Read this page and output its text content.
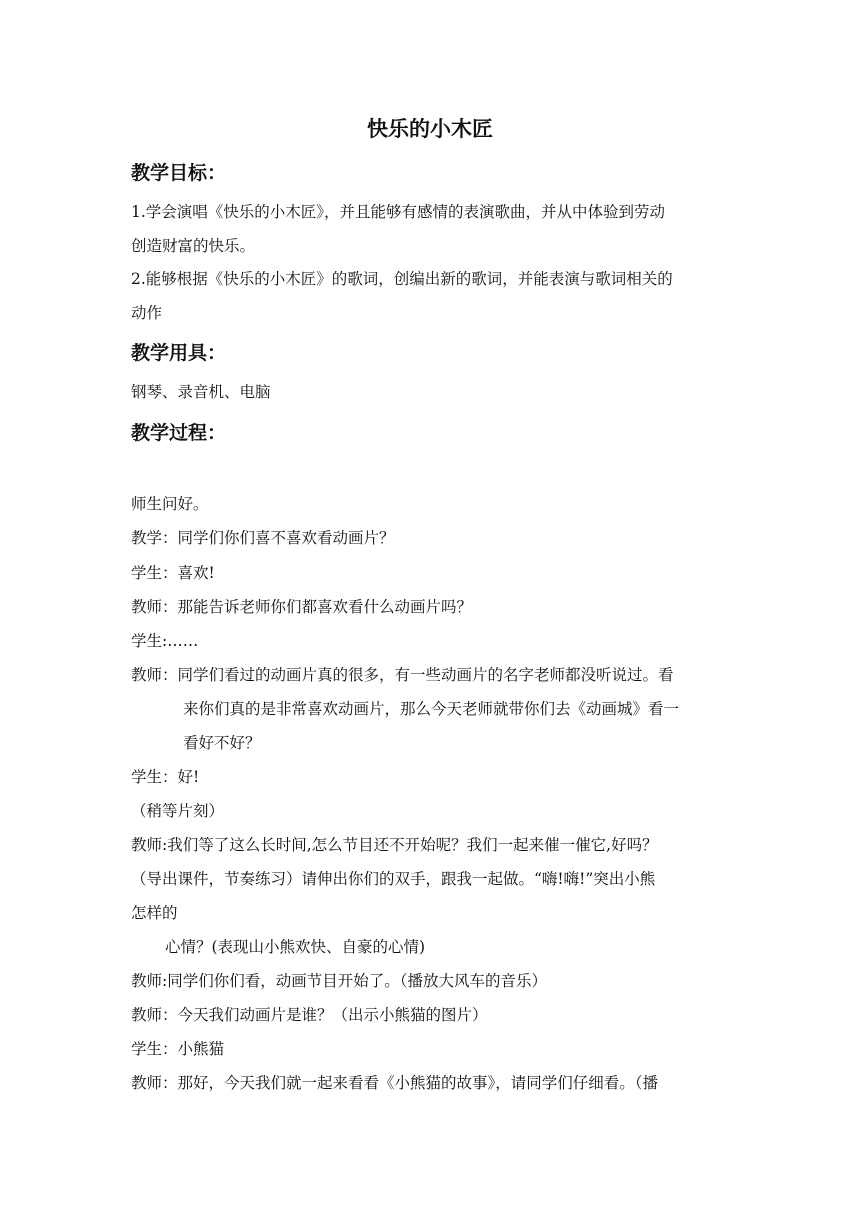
快乐的小木匠
教学目标：
1.学会演唱《快乐的小木匠》，并且能够有感情的表演歌曲，并从中体验到劳动
创造财富的快乐。
2.能够根据《快乐的小木匠》的歌词，创编出新的歌词，并能表演与歌词相关的
动作
教学用具：
钢琴、录音机、电脑
教学过程：
师生问好。
教学：同学们你们喜不喜欢看动画片？
学生：喜欢!
教师：那能告诉老师你们都喜欢看什么动画片吗？
学生:……
教师：同学们看过的动画片真的很多，有一些动画片的名字老师都没听说过。看
来你们真的是非常喜欢动画片，那么今天老师就带你们去《动画城》看一
看好不好？
学生：好!
（稍等片刻）
教师:我们等了这么长时间,怎么节目还不开始呢？我们一起来催一催它,好吗？
（导出课件，节奏练习）请伸出你们的双手，跟我一起做。“嗨!嗨!”突出小熊
怎样的
心情？(表现山小熊欢快、自豪的心情)
教师:同学们你们看，动画节目开始了。（播放大风车的音乐）
教师：今天我们动画片是谁？（出示小熊猫的图片）
学生：小熊猫
教师：那好，今天我们就一起来看看《小熊猫的故事》，请同学们仔细看。（播
